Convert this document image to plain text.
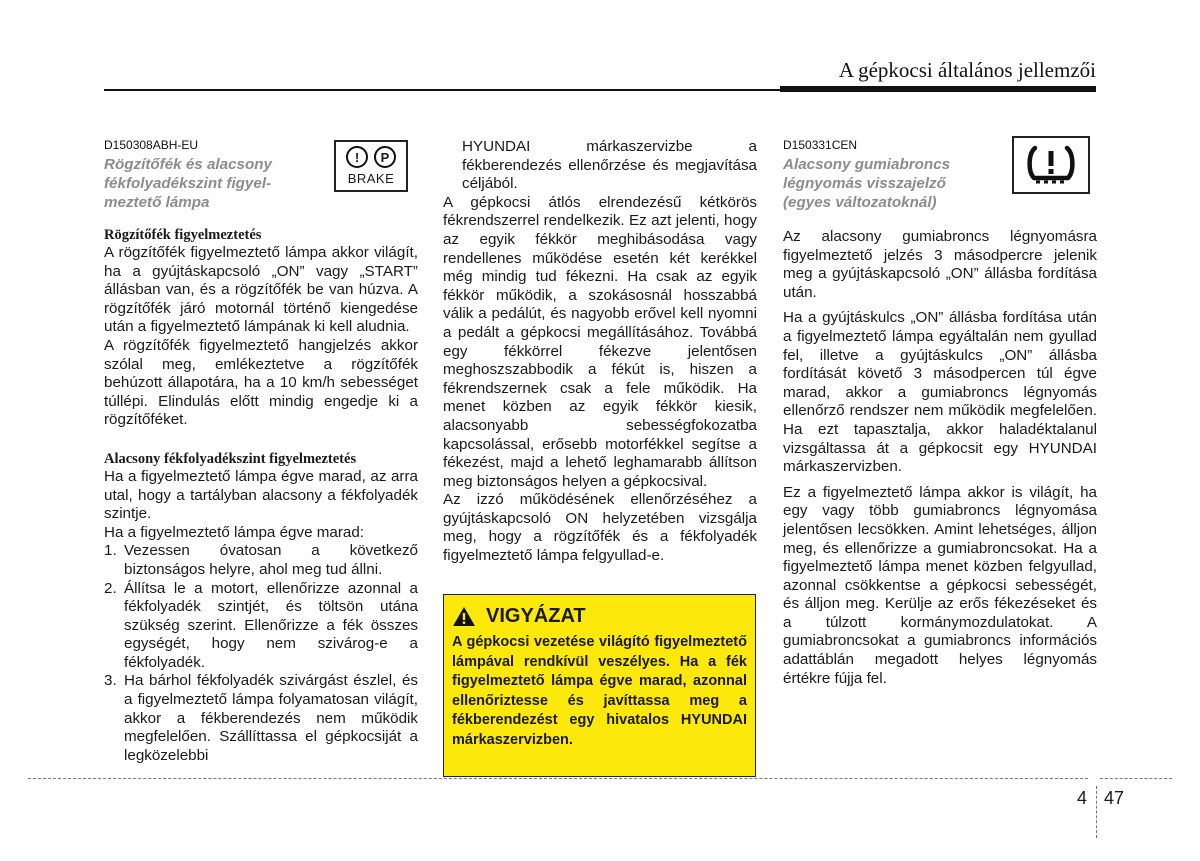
A gépkocsi általános jellemzői
D150308ABH-EU
Rögzítőfék és alacsony
fékfolyadékszint figyel-
meztető lámpa
Rögzítőfék figyelmeztetés

A rögzítőfék figyelmeztető lámpa akkor világít, ha a gyújtáskapcsoló „ON” vagy „START” állásban van, és a rögzítőfék be van húzva. A rögzítőfék járó motornál történő kiengedése után a figyelmeztető lámpának ki kell aludnia.

A rögzítőfék figyelmeztető hangjelzés akkor szólal meg, emlékeztetve a rögzítőfék behúzott állapotára, ha a 10 km/h sebességet túllépi. Elindulás előtt mindig engedje ki a rögzítőféket.

Alacsony fékfolyadékszint figyelmeztetés

Ha a figyelmeztető lámpa égve marad, az arra utal, hogy a tartályban alacsony a fékfolyadék szintje.

Ha a figyelmeztető lámpa égve marad:

1. Vezessen óvatosan a következő biztonságos helyre, ahol meg tud állni.
2. Állítsa le a motort, ellenőrizze azonnal a fékfolyadék szintjét, és töltsön utána szükség szerint. Ellenőrizze a fék összes egységét, hogy nem szivárog-e a fékfolyadék.
3. Ha bárhol fékfolyadék szivárgást észlel, és a figyelmeztető lámpa folyamatosan világít, akkor a fékberendezés nem működik megfelelően. Szállíttassa el gépkocsiját a legközelebbi
!	P
BRAKE

HYUNDAI márkaszervizbe a fékberendezés ellenőrzése és megjavítása céljából.

A gépkocsi átlós elrendezésű kétkörös fékrendszerrel rendelkezik. Ez azt jelenti, hogy az egyik fékkör meghibásodása vagy rendellenes működése esetén két kerékkel még mindig tud fékezni. Ha csak az egyik fékkör működik, a szokásosnál hosszabbá válik a pedálút, és nagyobb erővel kell nyomni a pedált a gépkocsi megállításához. Továbbá egy fékkörrel fékezve jelentősen meghoszszabbodik a fékút is, hiszen a fékrendszernek csak a fele működik. Ha menet közben az egyik fékkör kiesik, alacsonyabb sebességfokozatba kapcsolással, erősebb motorfékkel segítse a fékezést, majd a lehető leghamarabb állítson meg biztonságos helyen a gépkocsival.

Az izzó működésének ellenőrzéséhez a gyújtáskapcsoló ON helyzetében vizsgálja meg, hogy a rögzítőfék és a fékfolyadék figyelmeztető lámpa felgyullad-e.

VIGYÁZAT

A gépkocsi vezetése világító figyelmeztető lámpával rendkívül veszélyes. Ha a fék figyelmeztető lámpa égve marad, azonnal ellenőriztesse és javíttassa meg a fékberendezést egy hivatalos HYUNDAI márkaszervizben.

D150331CEN
Alacsony gumiabroncs
légnyomás visszajelző
(egyes változatoknál)

Az alacsony gumiabroncs légnyomásra figyelmeztető jelzés 3 másodpercre jelenik meg a gyújtáskapcsoló „ON” állásba fordítása után.

Ha a gyújtáskulcs „ON” állásba fordítása után a figyelmeztető lámpa egyáltalán nem gyullad fel, illetve a gyújtáskulcs „ON” állásba fordítását követő 3 másodpercen túl égve marad, akkor a gumiabroncs légnyomás ellenőrző rendszer nem működik megfelelően. Ha ezt tapasztalja, akkor haladéktalanul vizsgáltassa át a gépkocsit egy HYUNDAI márkaszervizben.

Ez a figyelmeztető lámpa akkor is világít, ha egy vagy több gumiabroncs légnyomása jelentősen lecsökken. Amint lehetséges, álljon meg, és ellenőrizze a gumiabroncsokat. Ha a figyelmeztető lámpa menet közben felgyullad, azonnal csökkentse a gépkocsi sebességét, és álljon meg. Kerülje az erős fékezéseket és a túlzott kormánymozdulatokat. A gumiabroncsokat a gumiabroncs információs adattáblán megadott helyes légnyomás értékre fújja fel.

4 47
